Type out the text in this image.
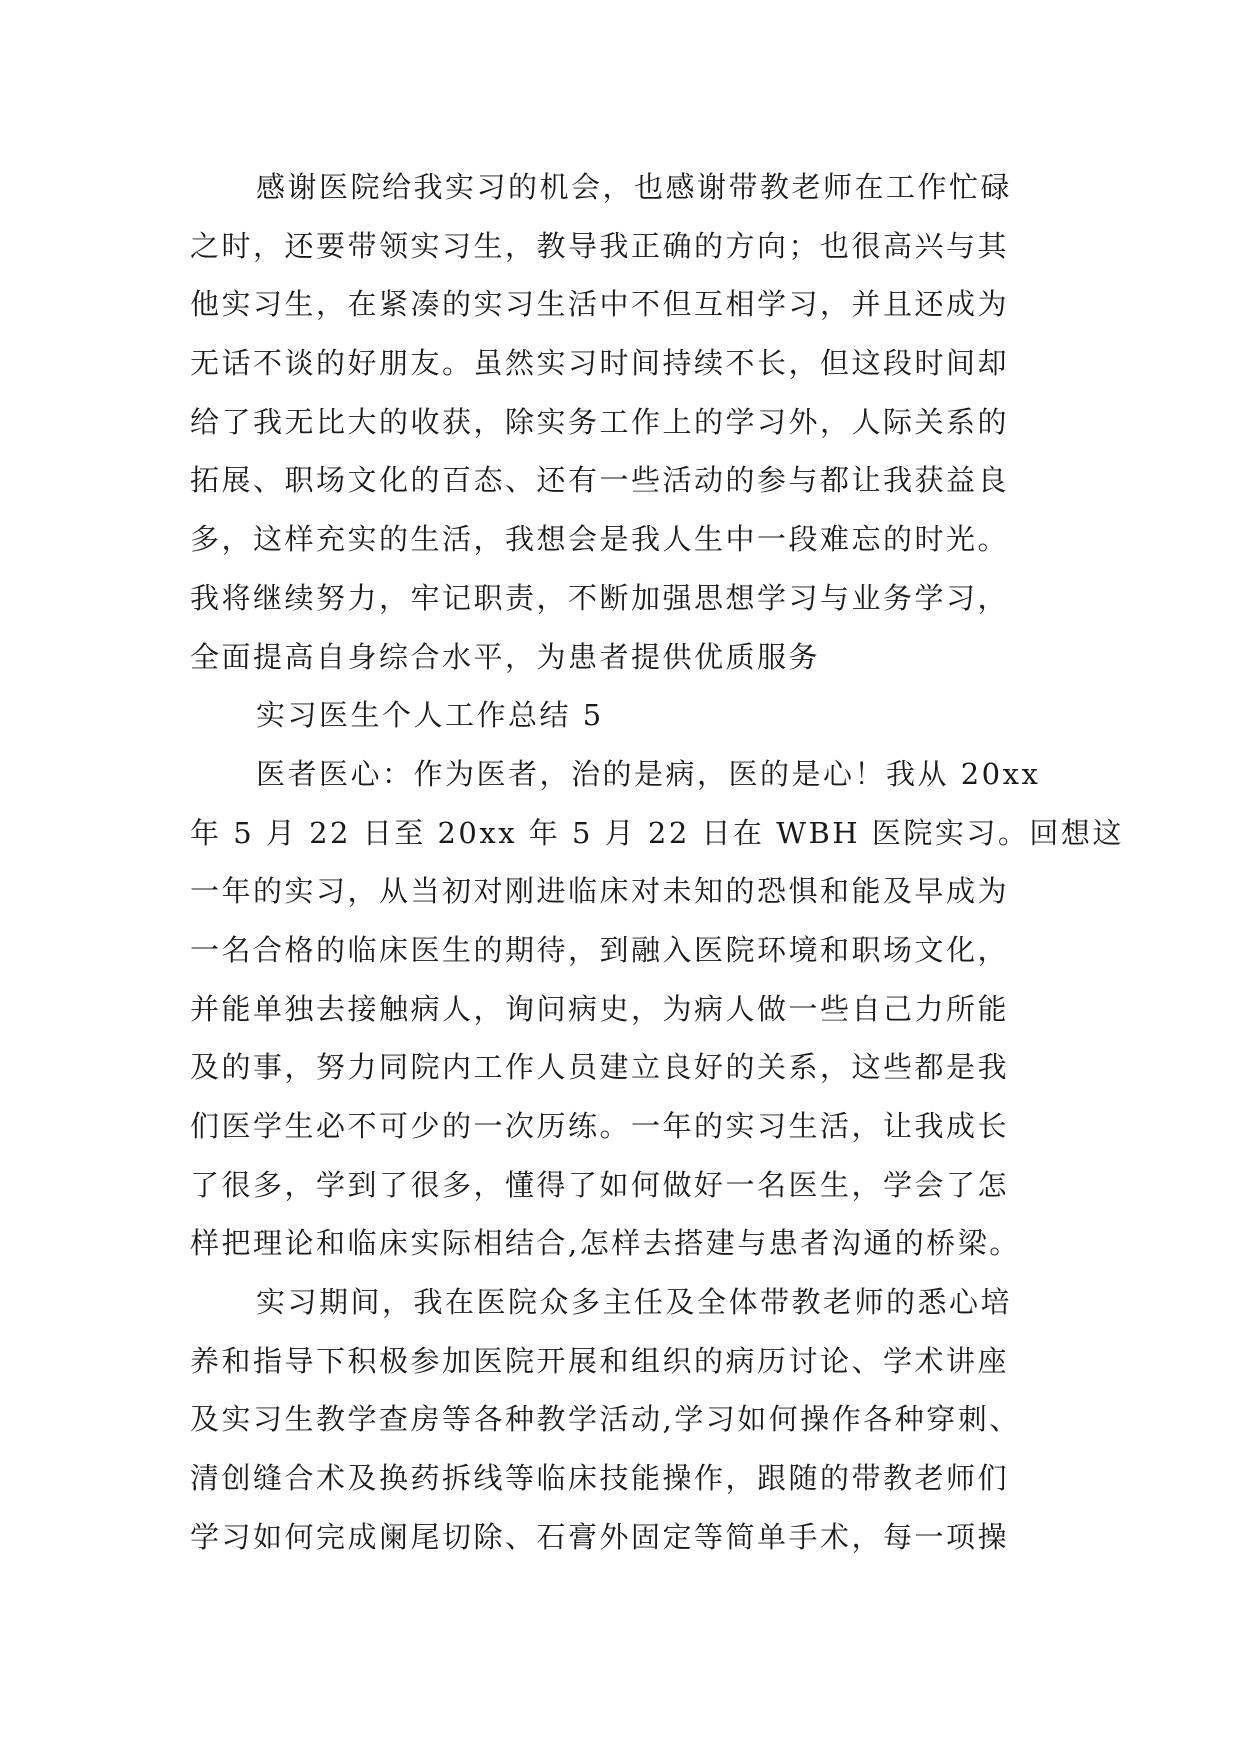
感谢医院给我实习的机会，也感谢带教老师在工作忙碌
之时，还要带领实习生，教导我正确的方向；也很高兴与其
他实习生，在紧凑的实习生活中不但互相学习，并且还成为
无话不谈的好朋友。虽然实习时间持续不长，但这段时间却
给了我无比大的收获，除实务工作上的学习外，人际关系的
拓展、职场文化的百态、还有一些活动的参与都让我获益良
多，这样充实的生活，我想会是我人生中一段难忘的时光。
我将继续努力，牢记职责，不断加强思想学习与业务学习，
全面提高自身综合水平，为患者提供优质服务
实习医生个人工作总结 5
医者医心：作为医者，治的是病，医的是心！我从 20xx
年 5 月 22 日至 20xx 年 5 月 22 日在 WBH 医院实习。回想这
一年的实习，从当初对刚进临床对未知的恐惧和能及早成为
一名合格的临床医生的期待，到融入医院环境和职场文化，
并能单独去接触病人，询问病史，为病人做一些自己力所能
及的事，努力同院内工作人员建立良好的关系，这些都是我
们医学生必不可少的一次历练。一年的实习生活，让我成长
了很多，学到了很多，懂得了如何做好一名医生，学会了怎
样把理论和临床实际相结合,怎样去搭建与患者沟通的桥梁。
实习期间，我在医院众多主任及全体带教老师的悉心培
养和指导下积极参加医院开展和组织的病历讨论、学术讲座
及实习生教学查房等各种教学活动,学习如何操作各种穿刺、
清创缝合术及换药拆线等临床技能操作，跟随的带教老师们
学习如何完成阑尾切除、石膏外固定等简单手术，每一项操
